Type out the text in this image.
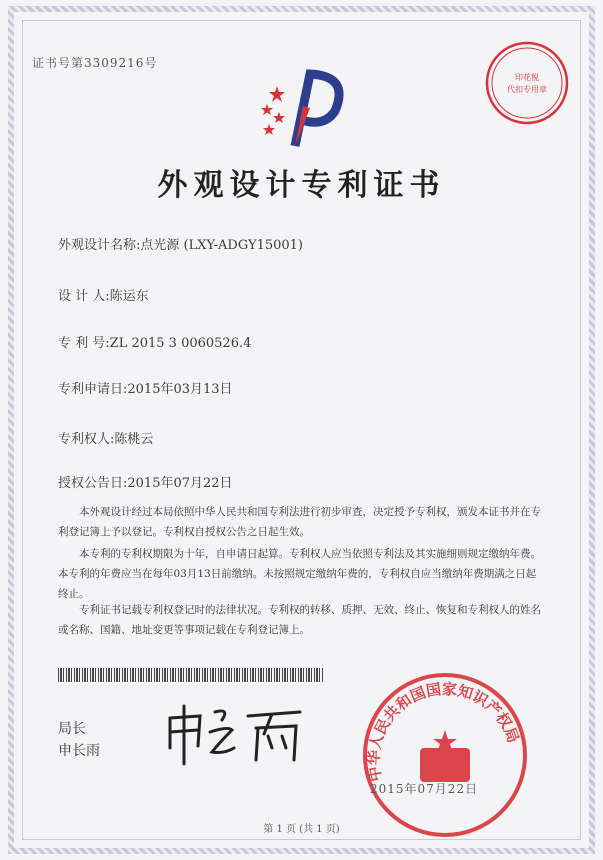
证书号第3309216号
外观设计专利证书
外观设计名称:点光源 (LXY-ADGY15001)
设 计 人:陈运东
专 利 号:ZL 2015 3 0060526.4
专利申请日:2015年03月13日
专利权人:陈桃云
授权公告日:2015年07月22日
本外观设计经过本局依照中华人民共和国专利法进行初步审查，决定授予专利权，颁发本证书并在专利登记簿上予以登记。专利权自授权公告之日起生效。
本专利的专利权期限为十年，自申请日起算。专利权人应当依照专利法及其实施细则规定缴纳年费。本专利的年费应当在每年03月13日前缴纳。未按照规定缴纳年费的，专利权自应当缴纳年费期满之日起终止。
专利证书记载专利权登记时的法律状况。专利权的转移、质押、无效、终止、恢复和专利权人的姓名或名称、国籍、地址变更等事项记载在专利登记簿上。
局长
申长雨
印花税
代扣专用章
中华人民共和国国家知识产权局
2015年07月22日
第 1 页 (共 1 页)
